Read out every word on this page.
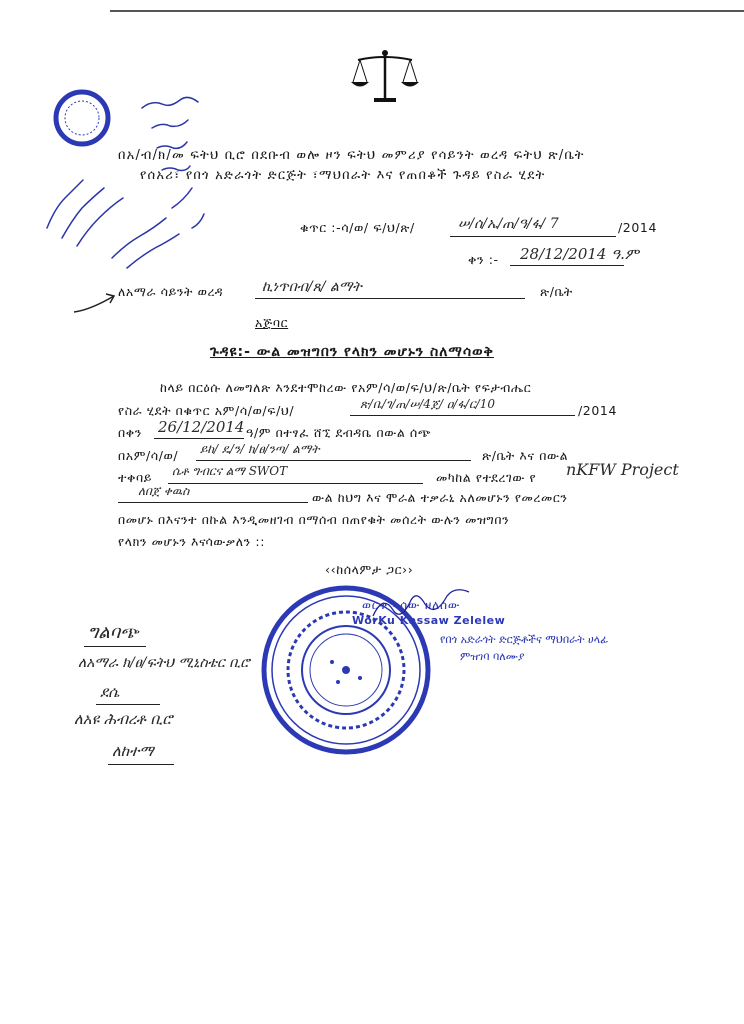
በአ/ብ/ክ/መ ፍትህ ቢሮ በደቡብ ወሎ ዞን ፍትህ መምሪያ የሳይንት ወረዳ ፍትህ ጽ/ቤት
የሰአሪ፣ የበጎ አድራጎት ድርጅት ፣ማህበራት እና የጠበቆች ጉዳይ የስራ ሂደት
ቁጥር :-ሳ/ወ/ ፍ/ህ/ጽ/	ሠ/ሰ/ኤ/ጠ/ዓ/ፋ/ 7	/2014
ቀን :- 28/12/2014 ዓ.ም
ለአማራ ሳይንት ወረዳ	ኪነጥበብ/ጸ/ ልማት	ጽ/ቤት
አጅባር
ጉዳዩ:- ውል መዝግበን የላክን መሆኑን ስለማሳወቅ
ከላይ በርዕሱ ለመግለጽ እንደተሞከረው የአም/ሳ/ወ/ፍ/ህ/ጽ/ቤት የፍታብሔር
የስራ ሂደት በቁጥር አም/ሳ/ወ/ፍ/ህ/	ጽ/ቤ/ገ/ጠ/ሠ/4ጀ/ ዐ/ፋ/ር/10	/2014
በቀን 26/12/2014 ዓ/ም በተፃፈ ሸኚ ደብዳቤ በውል ሰጭ
በአም/ሳ/ወ/ ይከ/ ዴ/ን/ ክ/ፀ/ንጣ/ ልማት	ጽ/ቤት እና በውል
ተቀባይ ሴቶ ግብርና ልማ SWOT	መካከል የተደረገው የ nKFW Project
ለበጀ ቀዉስ	ውል ከህግ እና ሞራል ተቃራኒ አለመሆኑን የመረመርን
በመሆኑ በእናንተ በኩል እንዲመዘገብ በማሰብ በጠየቁት መሰረት ውሉን መዝግበን
የላክን መሆኑን እናሳውቃለን ::
‹‹ከሰላምታ ጋር››
ወርቁ ካሳው ዘለሰው
WorKu Kassaw Zelelew
የበጎ አድራጎት ድርጅቶችና ማህበራት ሀላፊ
ምዝገባ ባለሙያ
ግልባጭ
ለአማራ ክ/ፀ/ፍትህ ሚኒስቴር ቢሮ
ደሴ
ለአዩ ሕብረቶ ቢሮ
ለከተማ
